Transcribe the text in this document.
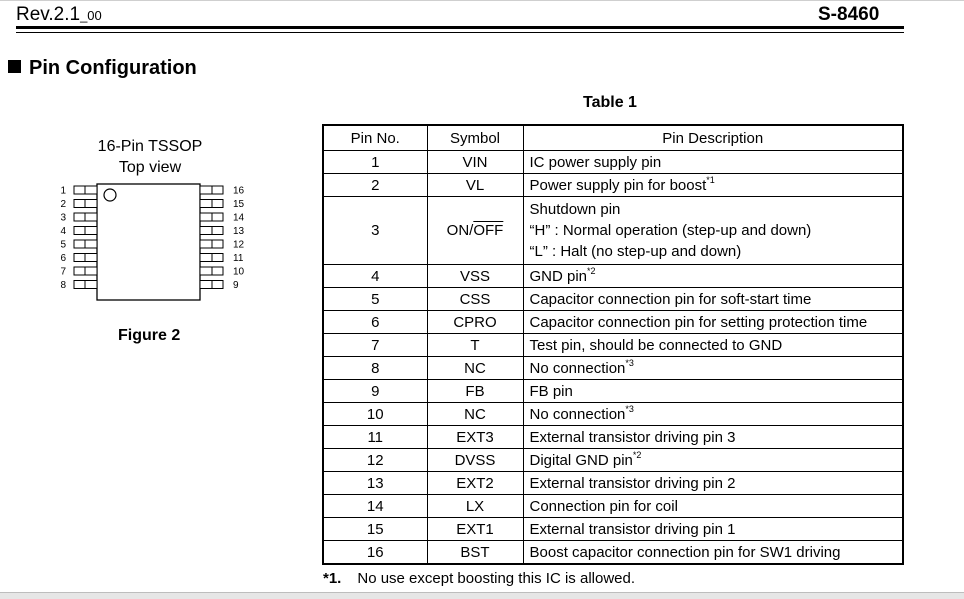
Rev.2.1_00	S-8460
Pin Configuration
Table 1
16-Pin TSSOP
Top view
1	16
2	15
3	14
4	13
5	12
6	11
7	10
8	9
Figure 2
Pin No.	Symbol	Pin Description
1	VIN	IC power supply pin
2	VL	Power supply pin for boost$^{*1}$
3	$ON/\overline{OFF}$	Shutdown pin
“H” : Normal operation (step-up and down)
“L” : Halt (no step-up and down)

4	VSS	GND pin$^{*2}$
5	CSS	Capacitor connection pin for soft-start time
6	CPRO	Capacitor connection pin for setting protection time
7	T	Test pin, should be connected to GND
8	NC	No connection$^{*3}$
9	FB	FB pin
10	NC	No connection$^{*3}$
11	EXT3	External transistor driving pin 3
12	DVSS	Digital GND pin$^{*2}$
13	EXT2	External transistor driving pin 2
14	LX	Connection pin for coil
15	EXT1	External transistor driving pin 1
16	BST	Boost capacitor connection pin for SW1 driving
*1. No use except boosting this IC is allowed.
